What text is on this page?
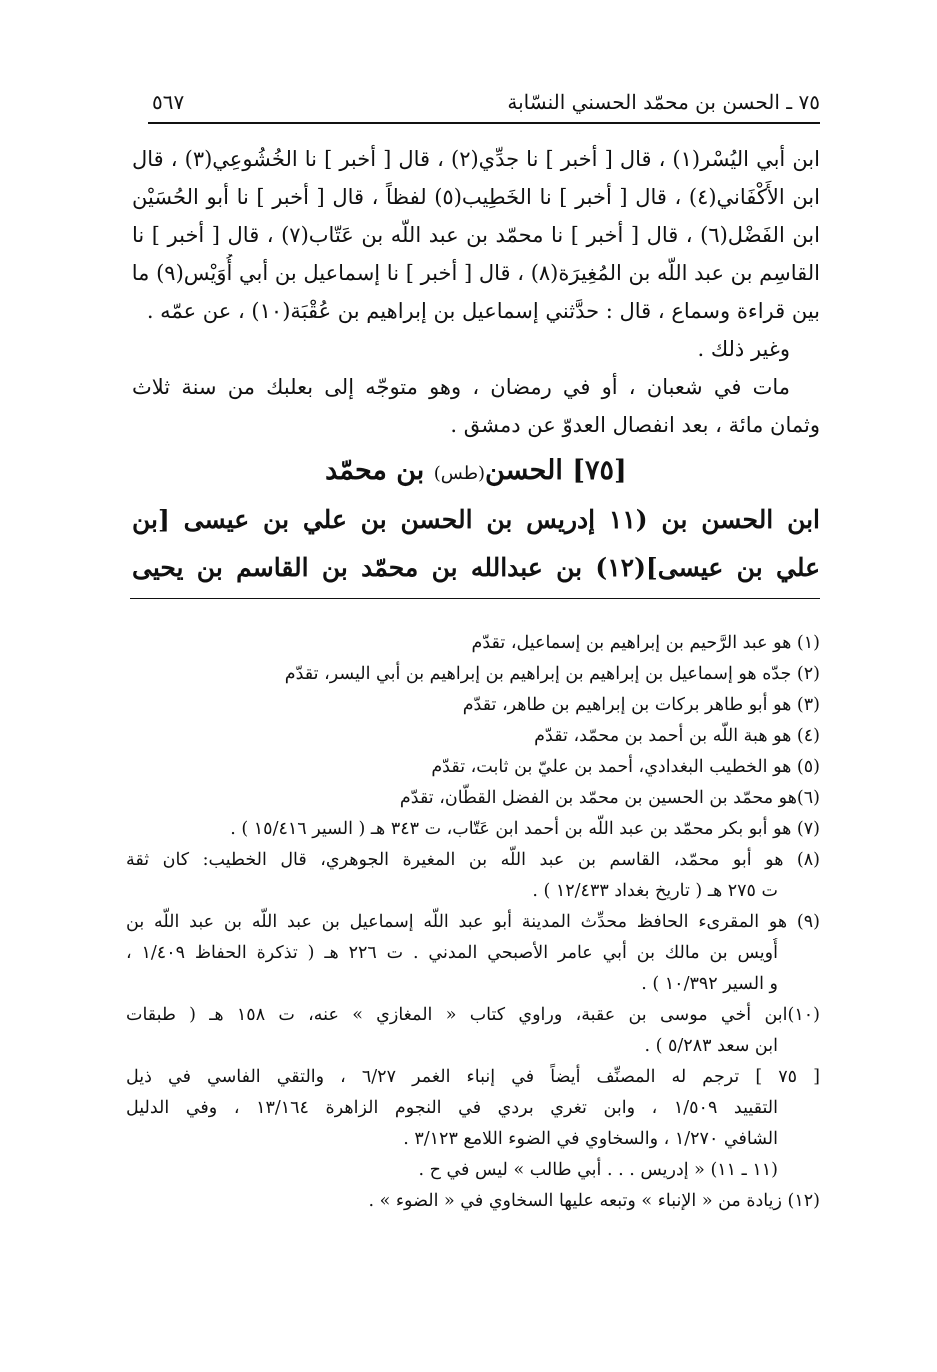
٧٥ ـ الحسن بن محمّد الحسني النسّابة
٥٦٧
ابن أبي اليُسْر(١) ، قال [ أخبر ] نا جدِّي(٢) ، قال [ أخبر ] نا الخُشُوعِي(٣) ، قال
ابن الأَكْفَاني(٤) ، قال [ أخبر ] نا الخَطِيب(٥) لفظاً ، قال [ أخبر ] نا أبو الحُسَيْن
ابن الفَضْل(٦) ، قال [ أخبر ] نا محمّد بن عبد اللّه بن عَتّاب(٧) ، قال [ أخبر ] نا
القاسِم بن عبد اللّه بن المُغِيرَة(٨) ، قال [ أخبر ] نا إسماعيل بن أبي أُوَيْس(٩) ما
بين قراءة وسماع ، قال : حدَّثني إسماعيل بن إبراهيم بن عُقْبَة(١٠) ، عن عمّه .
وغير ذلك .
مات في شعبان ، أو في رمضان ، وهو متوجّه إلى بعلبك من سنة ثلاث
وثمان مائة ، بعد انفصال العدوّ عن دمشق .
[٧٥] الحسن(طس) بن محمّد
ابن الحسن بن (١١ إدريس بن الحسن بن علي بن عيسى [بن
علي بن عيسى](١٢) بن عبدالله بن محمّد بن القاسم بن يحيى
(١) هو عبد الرَّحيم بن إبراهيم بن إسماعيل، تقدّم
(٢) جدّه هو إسماعيل بن إبراهيم بن إبراهيم بن إبراهيم بن أبي اليسر، تقدّم
(٣) هو أبو طاهر بركات بن إبراهيم بن طاهر، تقدّم
(٤) هو هبة اللّه بن أحمد بن محمّد، تقدّم
(٥) هو الخطيب البغدادي، أحمد بن عليّ بن ثابت، تقدّم
(٦)هو محمّد بن الحسين بن محمّد بن الفضل القطّان، تقدّم
(٧) هو أبو بكر محمّد بن عبد اللّه بن أحمد ابن عَتّاب، ت ٣٤٣ هـ ( السير ١٥/٤١٦ ) .
(٨) هو أبو محمّد، القاسم بن عبد اللّه بن المغيرة الجوهري، قال الخطيب: كان ثقة
ت ٢٧٥ هـ ( تاريخ بغداد ١٢/٤٣٣ ) .
(٩) هو المقرىء الحافظ محدِّث المدينة أبو عبد اللّه إسماعيل بن عبد اللّه بن عبد اللّه بن
أُويس بن مالك بن أبي عامر الأصبحي المدني . ت ٢٢٦ هـ ( تذكرة الحفاظ ١/٤٠٩ ،
و السير ١٠/٣٩٢ ) .
(١٠)ابن أخي موسى بن عقبة، وراوي كتاب « المغازي » عنه، ت ١٥٨ هـ ( طبقات
ابن سعد ٥/٢٨٣ ) .
[ ٧٥ ] ترجم له المصنِّف أيضاً في إنباء الغمر ٦/٢٧ ، والتقي الفاسي في ذيل
التقييد ١/٥٠٩ ، وابن تغري بردي في النجوم الزاهرة ١٣/١٦٤ ، وفي الدليل
الشافي ١/٢٧٠ ، والسخاوي في الضوء اللامع ٣/١٢٣ .
(١١ ـ ١١) « إدريس . . . أبي طالب » ليس في ح .
(١٢) زيادة من « الإنباء » وتبعه عليها السخاوي في « الضوء » .
